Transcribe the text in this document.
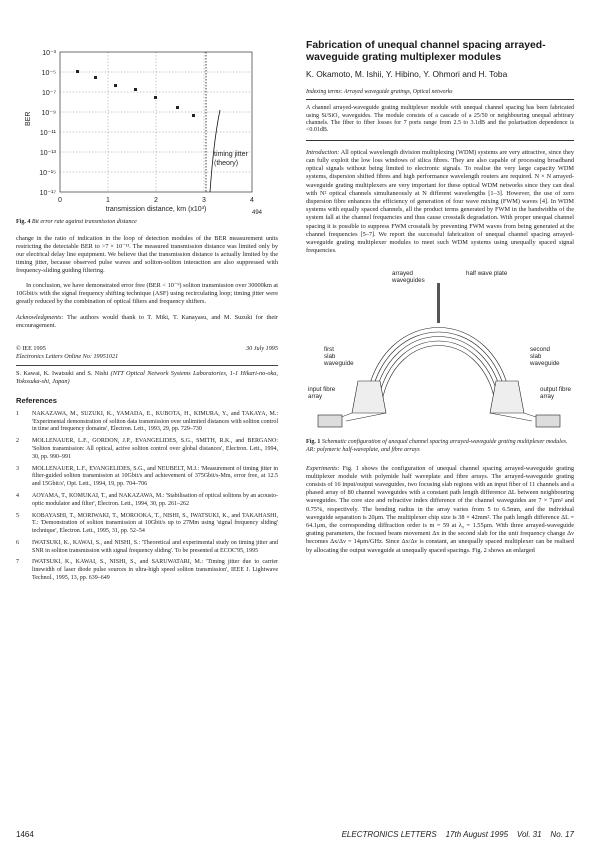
10⁻³
10⁻⁵
10⁻⁷
10⁻⁹
10⁻¹¹
10⁻¹³
10⁻¹⁵
10⁻¹⁷
BER
0	1	2	3	4
transmission distance, km (x10³)	494
timing jitter
(theory)

Fig. 4 Bit error rate against transmission distance

change in the ratio of indication in the loop of detection modules of the BER measurement units restricting the detectable BER to >7 × 10⁻¹³. The measured transmission distance was limited only by our electrical delay line equipment. We believe that the transmission distance is actually limited by the timing jitter, because observed pulse waves and soliton-soliton interaction are also suppressed with frequency-sliding guiding filtering.

In conclusion, we have demonstrated error free (BER < 10⁻⁹) soliton transmission over 30000km at 10Gbit/s with the signal frequency shifting technique (ASF) using recirculating loop; timing jitter were greatly reduced by the combination of optical filters and frequency shifters.

Acknowledgments: The authors would thank to T. Miki, T. Kanayasu, and M. Suzuki for their encouragement.

© IEE 1995	30 July 1995
Electronics Letters Online No: 19951021

S. Kawai, K. Iwatsuki and S. Nishi (NTT Optical Network Systems Laboratories, 1-1 Hikari-no-oka, Yokosuka-shi, Japan)

References
1	NAKAZAWA, M., SUZUKI, K., YAMADA, E., KUBOTA, H., KIMURA, Y., and TAKAYA, M.: 'Experimental demonstration of soliton data transmission over unlimited distances with soliton control in time and frequency domains', Electron. Lett., 1993, 29, pp. 729–730
2	MOLLENAUER, L.F., GORDON, J.P., EVANGELIDES, S.G., SMITH, R.K., and BERGANO: 'Soliton transmission: All optical, active soliton control over global distances', Electron. Lett., 1994, 30, pp. 990–991
3	MOLLENAUER, L.F., EVANGELIDES, S.G., and NEUBELT, M.J.: 'Measurement of timing jitter in filter-guided soliton transmission at 10Gbit/s and achievement of 375Gbit/s-Mm, error free, at 12.5 and 15Gbit/s', Opt. Lett., 1994, 19, pp. 704–706
4	AOYAMA, T., KOMUKAI, T., and NAKAZAWA, M.: 'Stabilisation of optical solitons by an acousto-optic modulator and filter', Electron. Lett., 1994, 30, pp. 261–262
5	KOBAYASHI, T., MORIWAKI, T., MOROOKA, T., NISHI, S., IWATSUKI, K., and TAKAHASHI, T.: 'Demonstration of soliton transmission at 10Gbit/s up to 27Mm using 'signal frequency sliding' technique', Electron. Lett., 1995, 31, pp. 52–54
6	IWATSUKI, K., KAWAI, S., and NISHI, S.: 'Theoretical and experimental study on timing jitter and SNR in soliton transmission with signal frequency sliding'. To be presented at ECOC'95, 1995
7	IWATSUKI, K., KAWAI, S., NISHI, S., and SARUWATARI, M.: 'Timing jitter due to carrier linewidth of laser diode pulse sources in ultra-high speed soliton transmission', IEEE J. Lightwave Technol., 1995, 13, pp. 639–649
Fabrication of unequal channel spacing arrayed-waveguide grating multiplexer modules
K. Okamoto, M. Ishii, Y. Hibino, Y. Ohmori and H. Toba
Indexing terms: Arrayed waveguide gratings, Optical networks
A channel arrayed-waveguide grating multiplexer module with unequal channel spacing has been fabricated using Si/SiO₂ waveguides. The module consists of a cascade of a 25/50 or neighbouring unequal arbitrary channels. The fiber to fiber losses for 7 ports range from 2.5 to 3.1dB and the polarisation dependence is <0.01dB.

Introduction: All optical wavelength division multiplexing (WDM) systems are very attractive, since they can fully exploit the low loss windows of silica fibres. They are also capable of processing broadband optical signals without being limited to electronic signals. To realise the very large capacity WDM systems, dispersion shifted fibres and high performance wavelength routers are required. N × N arrayed-waveguide grating multiplexers are very important for these optical WDM networks since they can deal with N² optical channels simultaneously at N different wavelengths [1–3]. However, the use of zero dispersion fibre enhances the efficiency of generation of four wave mixing (FWM) waves [4]. In WDM systems with equally spaced channels, all the product terms generated by FWM in the bandwidths of the system fall at the channel frequencies and thus cause crosstalk degradation. With proper unequal channel spacing it is possible to suppress FWM crosstalk by preventing FWM waves from being generated at the channel frequencies [5–7]. We report the successful fabrication of unequal channel spacing arrayed-waveguide grating multiplexer modules to meet such WDM systems using unequally spaced signal frequencies.

arrayed
waveguides
half wave plate
first
slab
waveguide
second
slab
waveguide
input fibre
array
output fibre
array

Fig. 1 Schematic configuration of unequal channel spacing arrayed-waveguide grating multiplexer modules. AR: polymeric half-waveplate, and fibre arrays

Experiments: Fig. 1 shows the configuration of unequal channel spacing arrayed-waveguide grating multiplexer module with polymide half waveplate and fibre arrays. The arrayed-waveguide grating consists of 16 input/output waveguides, two focusing slab regions with an input fiber of 11 channels and a phased array of 80 channel waveguides with a constant path length difference ΔL between neighbouring waveguides. The core size and refractive index difference of the channel waveguides are 7 × 7μm² and 0.75%, respectively. The bending radius in the array varies from 5 to 6.5mm, and the individual waveguide separation is 20μm. The multiplexer chip size is 38 × 42mm². The path length difference ΔL = 64.1μm, the corresponding diffraction order is m = 59 at λ₀ = 1.55μm. With three arrayed-waveguide grating parameters, the focused beam movement Δx in the second slab for the unit frequency change Δν becomes Δx/Δν = 14μm/GHz. Since Δx/Δν is constant, an unequally spaced multiplexer can be realised by allocating the output waveguide at unequally spaced spacings. Fig. 2 shows an enlarged

1464	ELECTRONICS LETTERS 17th August 1995 Vol. 31 No. 17
